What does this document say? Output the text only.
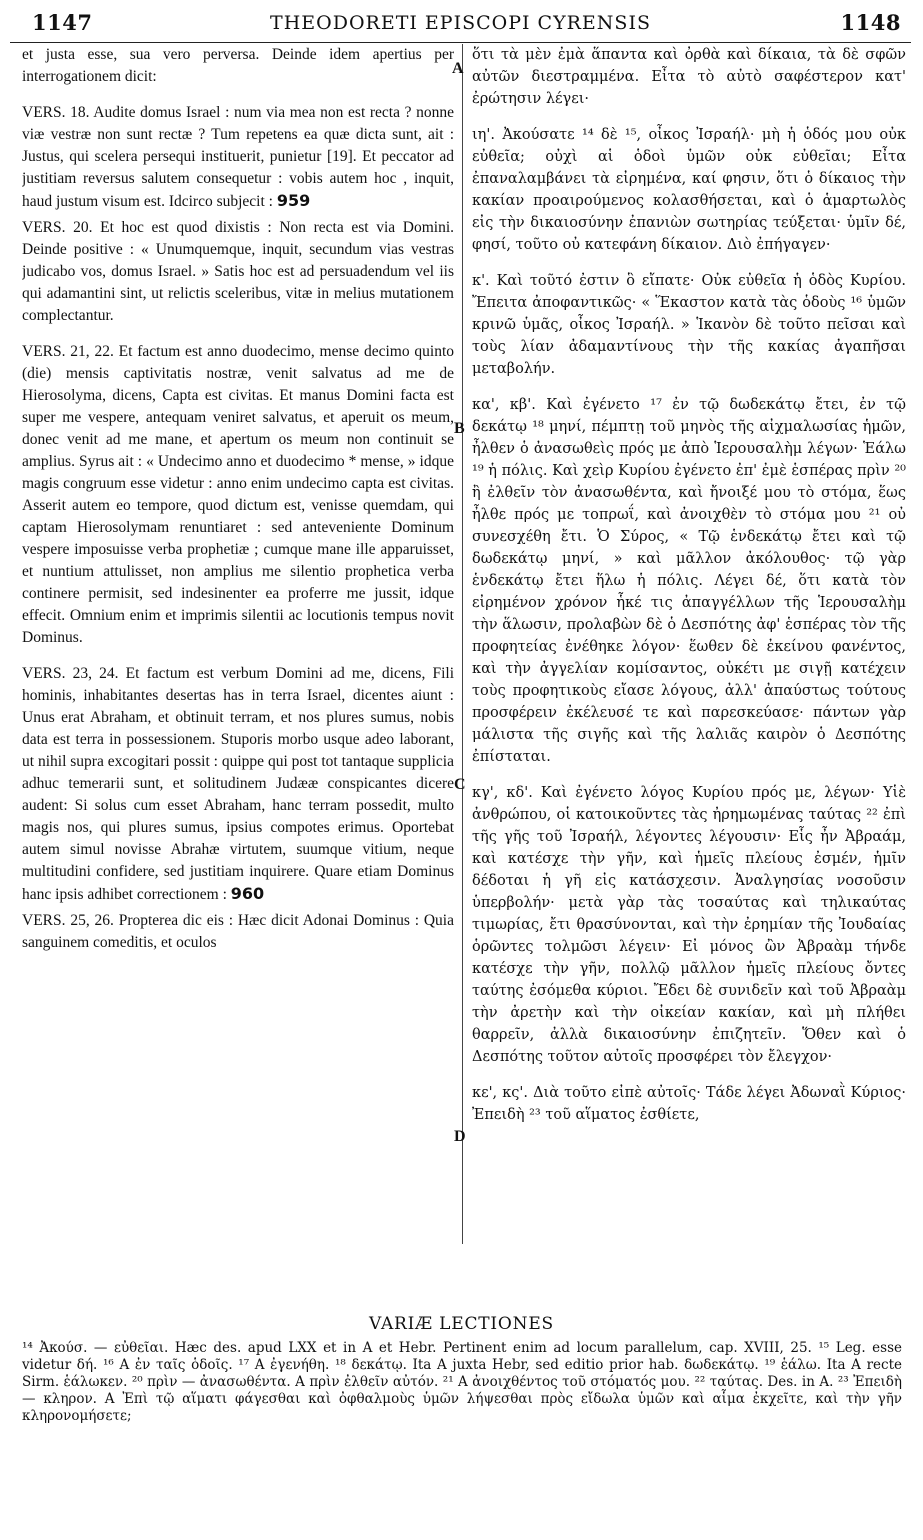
1147	THEODORETI EPISCOPI CYRENSIS	1148

et justa esse, sua vero perversa. Deinde idem apertius per interrogationem dicit:

VERS. 18. Audite domus Israel : num via mea non est recta ? nonne viæ vestræ non sunt rectæ ? Tum repetens ea quæ dicta sunt, ait : Justus, qui scelera persequi instituerit, punietur [19]. Et peccator ad justitiam reversus salutem consequetur : vobis autem hoc , inquit, haud justum visum est. Idcirco subjecit : 959

VERS. 20. Et hoc est quod dixistis : Non recta est via Domini. Deinde positive : « Unumquemque, inquit, secundum vias vestras judicabo vos, domus Israel. » Satis hoc est ad persuadendum vel iis qui adamantini sint, ut relictis sceleribus, vitæ in melius mutationem complectantur.

VERS. 21, 22. Et factum est anno duodecimo, mense decimo quinto (die) mensis captivitatis nostræ, venit salvatus ad me de Hierosolyma, dicens, Capta est civitas. Et manus Domini facta est super me vespere, antequam veniret salvatus, et aperuit os meum, donec venit ad me mane, et apertum os meum non continuit se amplius. Syrus ait : « Undecimo anno et duodecimo * mense, » idque magis congruum esse videtur : anno enim undecimo capta est civitas. Asserit autem eo tempore, quod dictum est, venisse quemdam, qui captam Hierosolymam renuntiaret : sed anteveniente Dominum vespere imposuisse verba prophetiæ ; cumque mane ille apparuisset, et nuntium attulisset, non amplius me silentio prophetica verba continere permisit, sed indesinenter ea proferre me jussit, idque effecit. Omnium enim et imprimis silentii ac locutionis tempus novit Dominus.

VERS. 23, 24. Et factum est verbum Domini ad me, dicens, Fili hominis, inhabitantes desertas has in terra Israel, dicentes aiunt : Unus erat Abraham, et obtinuit terram, et nos plures sumus, nobis data est terra in possessionem. Stuporis morbo usque adeo laborant, ut nihil supra excogitari possit : quippe qui post tot tantaque supplicia adhuc temerarii sunt, et solitudinem Judææ conspicantes dicere audent: Si solus cum esset Abraham, hanc terram possedit, multo magis nos, qui plures sumus, ipsius compotes erimus. Oportebat autem simul novisse Abrahæ virtutem, suumque vitium, neque multitudini confidere, sed justitiam inquirere. Quare etiam Dominus hanc ipsis adhibet correctionem : 960

VERS. 25, 26. Propterea dic eis : Hæc dicit Adonai Dominus : Quia sanguinem comeditis, et oculos

A
B
C
D

ὅτι τὰ μὲν ἐμὰ ἅπαντα καὶ ὀρθὰ καὶ δίκαια, τὰ δὲ σφῶν αὐτῶν διεστραμμένα. Εἶτα τὸ αὐτὸ σαφέστερον κατ' ἐρώτησιν λέγει·

ιη'. Ἀκούσατε ¹⁴ δὲ ¹⁵, οἶκος Ἰσραήλ· μὴ ἡ ὁδός μου οὐκ εὐθεῖα; οὐχὶ αἱ ὁδοὶ ὑμῶν οὐκ εὐθεῖαι; Εἶτα ἐπαναλαμβάνει τὰ εἰρημένα, καί φησιν, ὅτι ὁ δίκαιος τὴν κακίαν προαιρούμενος κολασθήσεται, καὶ ὁ ἁμαρτωλὸς εἰς τὴν δικαιοσύνην ἐπανιὼν σωτηρίας τεύξεται· ὑμῖν δέ, φησί, τοῦτο οὐ κατεφάνη δίκαιον. Διὸ ἐπήγαγεν·

κ'. Καὶ τοῦτό ἐστιν ὃ εἴπατε· Οὐκ εὐθεῖα ἡ ὁδὸς Κυρίου. Ἔπειτα ἀποφαντικῶς· « Ἕκαστον κατὰ τὰς ὁδοὺς ¹⁶ ὑμῶν κρινῶ ὑμᾶς, οἶκος Ἰσραήλ. » Ἱκανὸν δὲ τοῦτο πεῖσαι καὶ τοὺς λίαν ἀδαμαντίνους τὴν τῆς κακίας ἀγαπῆσαι μεταβολήν.

κα', κβ'. Καὶ ἐγένετο ¹⁷ ἐν τῷ δωδεκάτῳ ἔτει, ἐν τῷ δεκάτῳ ¹⁸ μηνί, πέμπτῃ τοῦ μηνὸς τῆς αἰχμαλωσίας ἡμῶν, ἦλθεν ὁ ἀνασωθεὶς πρός με ἀπὸ Ἱερουσαλὴμ λέγων· Ἑάλω ¹⁹ ἡ πόλις. Καὶ χεὶρ Κυρίου ἐγένετο ἐπ' ἐμὲ ἑσπέρας πρὶν ²⁰ ἢ ἐλθεῖν τὸν ἀνασωθέντα, καὶ ἤνοιξέ μου τὸ στόμα, ἕως ἦλθε πρός με τοπρωΐ, καὶ ἀνοιχθὲν τὸ στόμα μου ²¹ οὐ συνεσχέθη ἔτι. Ὁ Σύρος, « Τῷ ἑνδεκάτῳ ἔτει καὶ τῷ δωδεκάτῳ μηνί, » καὶ μᾶλλον ἀκόλουθος· τῷ γὰρ ἑνδεκάτῳ ἔτει ἥλω ἡ πόλις. Λέγει δέ, ὅτι κατὰ τὸν εἰρημένον χρόνον ἧκέ τις ἀπαγγέλλων τῆς Ἱερουσαλὴμ τὴν ἅλωσιν, προλαβὼν δὲ ὁ Δεσπότης ἀφ' ἑσπέρας τὸν τῆς προφητείας ἐνέθηκε λόγον· ἕωθεν δὲ ἐκείνου φανέντος, καὶ τὴν ἀγγελίαν κομίσαντος, οὐκέτι με σιγῇ κατέχειν τοὺς προφητικοὺς εἴασε λόγους, ἀλλ' ἀπαύστως τούτους προσφέρειν ἐκέλευσέ τε καὶ παρεσκεύασε· πάντων γὰρ μάλιστα τῆς σιγῆς καὶ τῆς λαλιᾶς καιρὸν ὁ Δεσπότης ἐπίσταται.

κγ', κδ'. Καὶ ἐγένετο λόγος Κυρίου πρός με, λέγων· Υἱὲ ἀνθρώπου, οἱ κατοικοῦντες τὰς ἠρημωμένας ταύτας ²² ἐπὶ τῆς γῆς τοῦ Ἰσραήλ, λέγοντες λέγουσιν· Εἷς ἦν Ἀβραάμ, καὶ κατέσχε τὴν γῆν, καὶ ἡμεῖς πλείους ἐσμέν, ἡμῖν δέδοται ἡ γῆ εἰς κατάσχεσιν. Ἀναλγησίας νοσοῦσιν ὑπερβολήν· μετὰ γὰρ τὰς τοσαύτας καὶ τηλικαύτας τιμωρίας, ἔτι θρασύνονται, καὶ τὴν ἐρημίαν τῆς Ἰουδαίας ὁρῶντες τολμῶσι λέγειν· Εἰ μόνος ὢν Ἀβραὰμ τήνδε κατέσχε τὴν γῆν, πολλῷ μᾶλλον ἡμεῖς πλείους ὄντες ταύτης ἐσόμεθα κύριοι. Ἔδει δὲ συνιδεῖν καὶ τοῦ Ἀβραὰμ τὴν ἀρετὴν καὶ τὴν οἰκείαν κακίαν, καὶ μὴ πλήθει θαρρεῖν, ἀλλὰ δικαιοσύνην ἐπιζητεῖν. Ὅθεν καὶ ὁ Δεσπότης τοῦτον αὐτοῖς προσφέρει τὸν ἔλεγχον·

κε', κς'. Διὰ τοῦτο εἰπὲ αὐτοῖς· Τάδε λέγει Ἀδωναῒ Κύριος· Ἐπειδὴ ²³ τοῦ αἵματος ἐσθίετε,

VARIÆ LECTIONES

¹⁴ Ἀκούσ. — εὐθεῖαι. Hæc des. apud LXX et in A et Hebr. Pertinent enim ad locum parallelum, cap. XVIII, 25. ¹⁵ Leg. esse videtur δή. ¹⁶ A ἐν ταῖς ὁδοῖς. ¹⁷ A ἐγενήθη. ¹⁸ δεκάτῳ. Ita A juxta Hebr, sed editio prior hab. δωδεκάτῳ. ¹⁹ ἑάλω. Ita A recte Sirm. ἑάλωκεν. ²⁰ πρὶν — ἀνασωθέντα. A πρὶν ἐλθεῖν αὐτόν. ²¹ A ἀνοιχθέντος τοῦ στόματός μου. ²² ταύτας. Des. in A. ²³ Ἐπειδὴ — κληρον. A Ἐπὶ τῷ αἵματι φάγεσθαι καὶ ὀφθαλμοὺς ὑμῶν λήψεσθαι πρὸς εἴδωλα ὑμῶν καὶ αἷμα ἐκχεῖτε, καὶ τὴν γῆν κληρονομήσετε;
